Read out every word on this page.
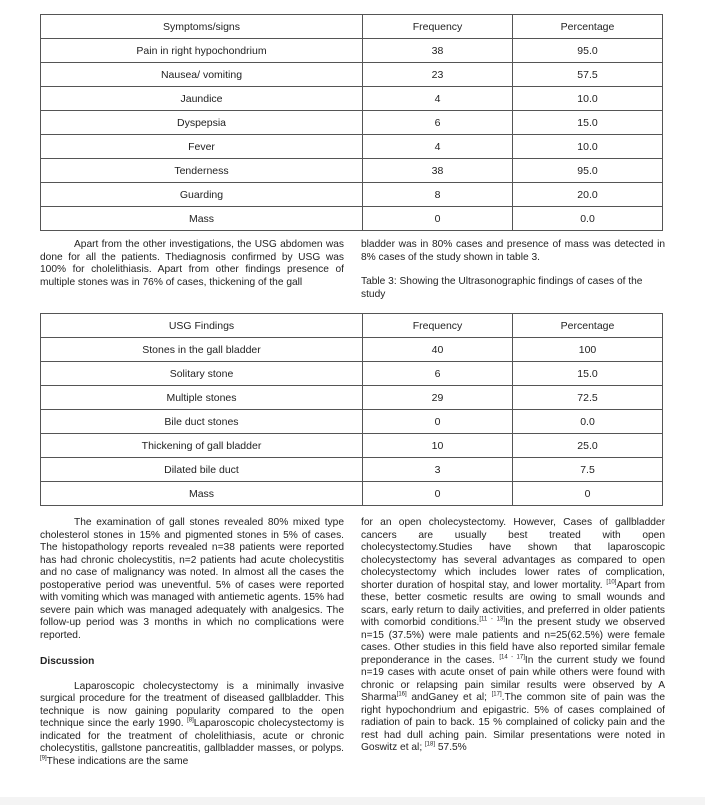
Symptoms/signs	Frequency	Percentage
Pain in right hypochondrium	38	95.0
Nausea/ vomiting	23	57.5
Jaundice	4	10.0
Dyspepsia	6	15.0
Fever	4	10.0
Tenderness	38	95.0
Guarding	8	20.0
Mass	0	0.0

Apart from the other investigations, the USG abdomen was done for all the patients. Thediagnosis confirmed by USG was 100% for cholelithiasis. Apart from other findings presence of multiple stones was in 76% of cases, thickening of the gall

bladder was in 80% cases and presence of mass was detected in 8% cases of the study shown in table 3.

Table 3: Showing the Ultrasonographic findings of cases of the study
USG Findings	Frequency	Percentage
Stones in the gall bladder	40	100
Solitary stone	6	15.0
Multiple stones	29	72.5
Bile duct stones	0	0.0
Thickening of gall bladder	10	25.0
Dilated bile duct	3	7.5
Mass	0	0

The examination of gall stones revealed 80% mixed type cholesterol stones in 15% and pigmented stones in 5% of cases. The histopathology reports revealed n=38 patients were reported has had chronic cholecystitis, n=2 patients had acute cholecystitis and no case of malignancy was noted. In almost all the cases the postoperative period was uneventful. 5% of cases were reported with vomiting which was managed with antiemetic agents. 15% had severe pain which was managed adequately with analgesics. The follow-up period was 3 months in which no complications were reported.

Discussion

Laparoscopic cholecystectomy is a minimally invasive surgical procedure for the treatment of diseased gallbladder. This technique is now gaining popularity compared to the open technique since the early 1990. [8]Laparoscopic cholecystectomy is indicated for the treatment of cholelithiasis, acute or chronic cholecystitis, gallstone pancreatitis, gallbladder masses, or polyps. [9]These indications are the same

for an open cholecystectomy. However, Cases of gallbladder cancers are usually best treated with open cholecystectomy.Studies have shown that laparoscopic cholecystectomy has several advantages as compared to open cholecystectomy which includes lower rates of complication, shorter duration of hospital stay, and lower mortality. [10]Apart from these, better cosmetic results are owing to small wounds and scars, early return to daily activities, and preferred in older patients with comorbid conditions.[11 - 13]In the present study we observed n=15 (37.5%) were male patients and n=25(62.5%) were female cases. Other studies in this field have also reported similar female preponderance in the cases. [14 - 17]In the current study we found n=19 cases with acute onset of pain while others were found with chronic or relapsing pain similar results were observed by A Sharma[16] andGaney et al; [17].The common site of pain was the right hypochondrium and epigastric. 5% of cases complained of radiation of pain to back. 15 % complained of colicky pain and the rest had dull aching pain. Similar presentations were noted in Goswitz et al; [18] 57.5%
